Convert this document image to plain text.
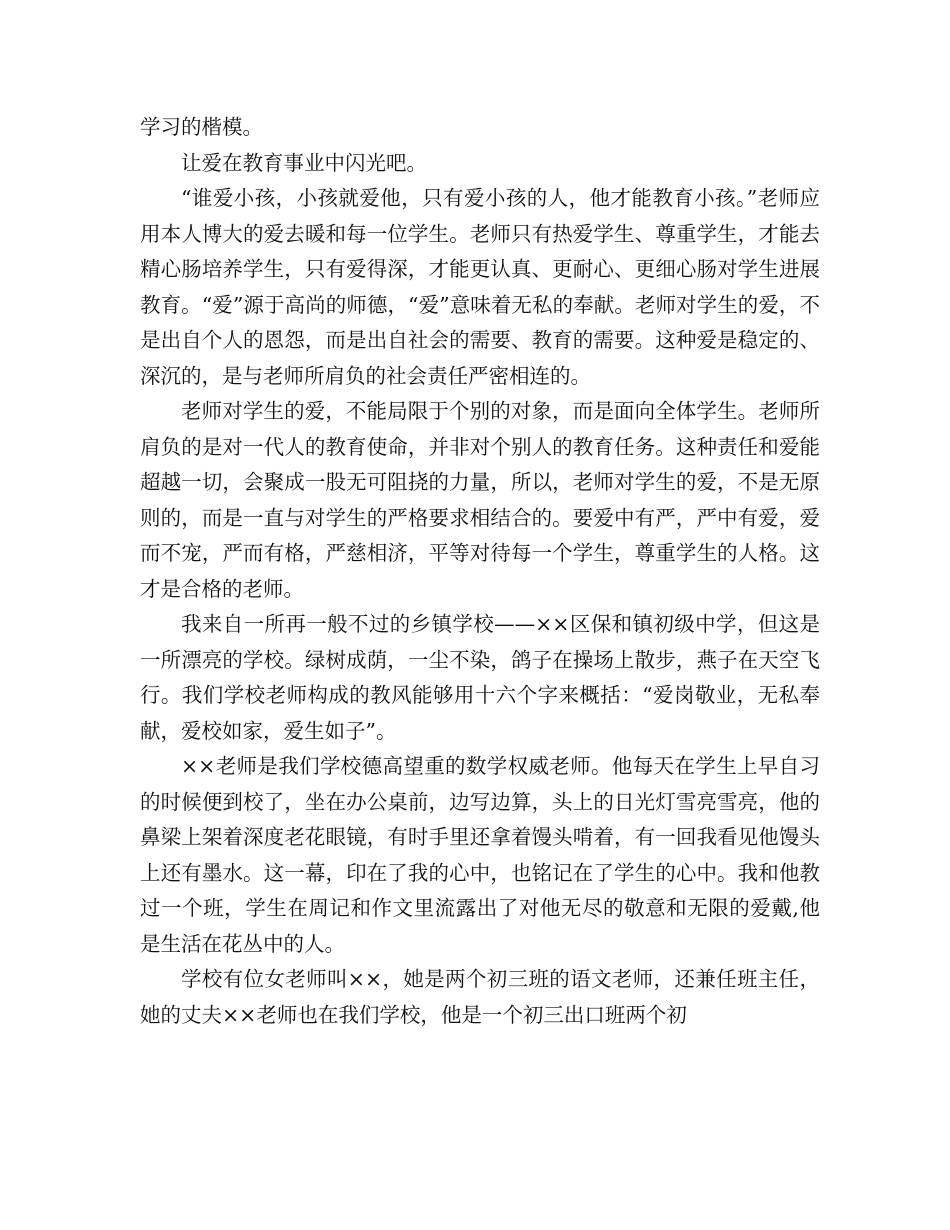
学习的楷模。

让爱在教育事业中闪光吧。

“谁爱小孩，小孩就爱他，只有爱小孩的人，他才能教育小孩。”老师应用本人博大的爱去暖和每一位学生。老师只有热爱学生、尊重学生，才能去精心肠培养学生，只有爱得深，才能更认真、更耐心、更细心肠对学生进展教育。“爱”源于高尚的师德，“爱”意味着无私的奉献。老师对学生的爱，不是出自个人的恩怨，而是出自社会的需要、教育的需要。这种爱是稳定的、深沉的，是与老师所肩负的社会责任严密相连的。

老师对学生的爱，不能局限于个别的对象，而是面向全体学生。老师所肩负的是对一代人的教育使命，并非对个别人的教育任务。这种责任和爱能超越一切，会聚成一股无可阻挠的力量，所以，老师对学生的爱，不是无原则的，而是一直与对学生的严格要求相结合的。要爱中有严，严中有爱，爱而不宠，严而有格，严慈相济，平等对待每一个学生，尊重学生的人格。这才是合格的老师。

我来自一所再一般不过的乡镇学校——××区保和镇初级中学，但这是一所漂亮的学校。绿树成荫，一尘不染，鸽子在操场上散步，燕子在天空飞行。我们学校老师构成的教风能够用十六个字来概括：“爱岗敬业，无私奉献，爱校如家，爱生如子”。

××老师是我们学校德高望重的数学权威老师。他每天在学生上早自习的时候便到校了，坐在办公桌前，边写边算，头上的日光灯雪亮雪亮，他的鼻梁上架着深度老花眼镜，有时手里还拿着馒头啃着，有一回我看见他馒头上还有墨水。这一幕，印在了我的心中，也铭记在了学生的心中。我和他教过一个班，学生在周记和作文里流露出了对他无尽的敬意和无限的爱戴,他是生活在花丛中的人。

学校有位女老师叫××，她是两个初三班的语文老师，还兼任班主任，她的丈夫××老师也在我们学校，他是一个初三出口班两个初
